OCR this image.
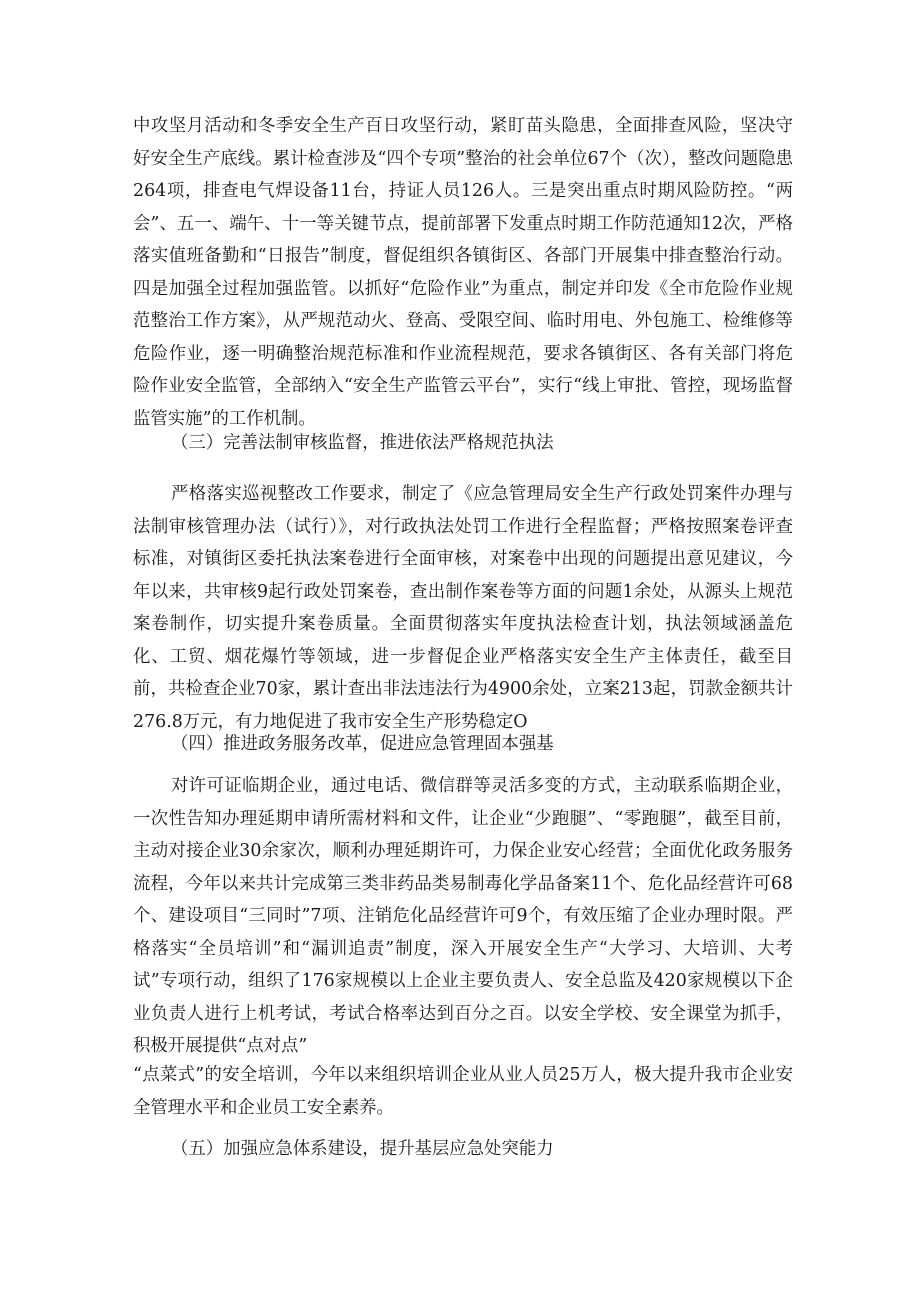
中攻坚月活动和冬季安全生产百日攻坚行动，紧盯苗头隐患，全面排查风险，坚决守好安全生产底线。累计检查涉及“四个专项”整治的社会单位67个（次），整改问题隐患264项，排查电气焊设备11台，持证人员126人。三是突出重点时期风险防控。“两会”、五一、端午、十一等关键节点，提前部署下发重点时期工作防范通知12次，严格落实值班备勤和“日报告”制度，督促组织各镇街区、各部门开展集中排查整治行动。四是加强全过程加强监管。以抓好“危险作业”为重点，制定并印发《全市危险作业规范整治工作方案》，从严规范动火、登高、受限空间、临时用电、外包施工、检维修等危险作业，逐一明确整治规范标准和作业流程规范，要求各镇街区、各有关部门将危险作业安全监管，全部纳入“安全生产监管云平台”，实行“线上审批、管控，现场监督监管实施”的工作机制。

（三）完善法制审核监督，推进依法严格规范执法

严格落实巡视整改工作要求，制定了《应急管理局安全生产行政处罚案件办理与法制审核管理办法（试行）》，对行政执法处罚工作进行全程监督；严格按照案卷评查标准，对镇街区委托执法案卷进行全面审核，对案卷中出现的问题提出意见建议，今年以来，共审核9起行政处罚案卷，查出制作案卷等方面的问题1余处，从源头上规范案卷制作，切实提升案卷质量。全面贯彻落实年度执法检查计划，执法领域涵盖危化、工贸、烟花爆竹等领域，进一步督促企业严格落实安全生产主体责任，截至目前，共检查企业70家，累计查出非法违法行为4900余处，立案213起，罚款金额共计276.8万元，有力地促进了我市安全生产形势稳定O

（四）推进政务服务改革，促进应急管理固本强基

对许可证临期企业，通过电话、微信群等灵活多变的方式，主动联系临期企业，一次性告知办理延期申请所需材料和文件，让企业“少跑腿”、“零跑腿”，截至目前，主动对接企业30余家次，顺利办理延期许可，力保企业安心经营；全面优化政务服务流程，今年以来共计完成第三类非药品类易制毒化学品备案11个、危化品经营许可68个、建设项目“三同时”7项、注销危化品经营许可9个，有效压缩了企业办理时限。严格落实“全员培训”和“漏训追责”制度，深入开展安全生产“大学习、大培训、大考试”专项行动，组织了176家规模以上企业主要负责人、安全总监及420家规模以下企业负责人进行上机考试，考试合格率达到百分之百。以安全学校、安全课堂为抓手，积极开展提供“点对点”

“点菜式”的安全培训，今年以来组织培训企业从业人员25万人，极大提升我市企业安全管理水平和企业员工安全素养。

（五）加强应急体系建设，提升基层应急处突能力
